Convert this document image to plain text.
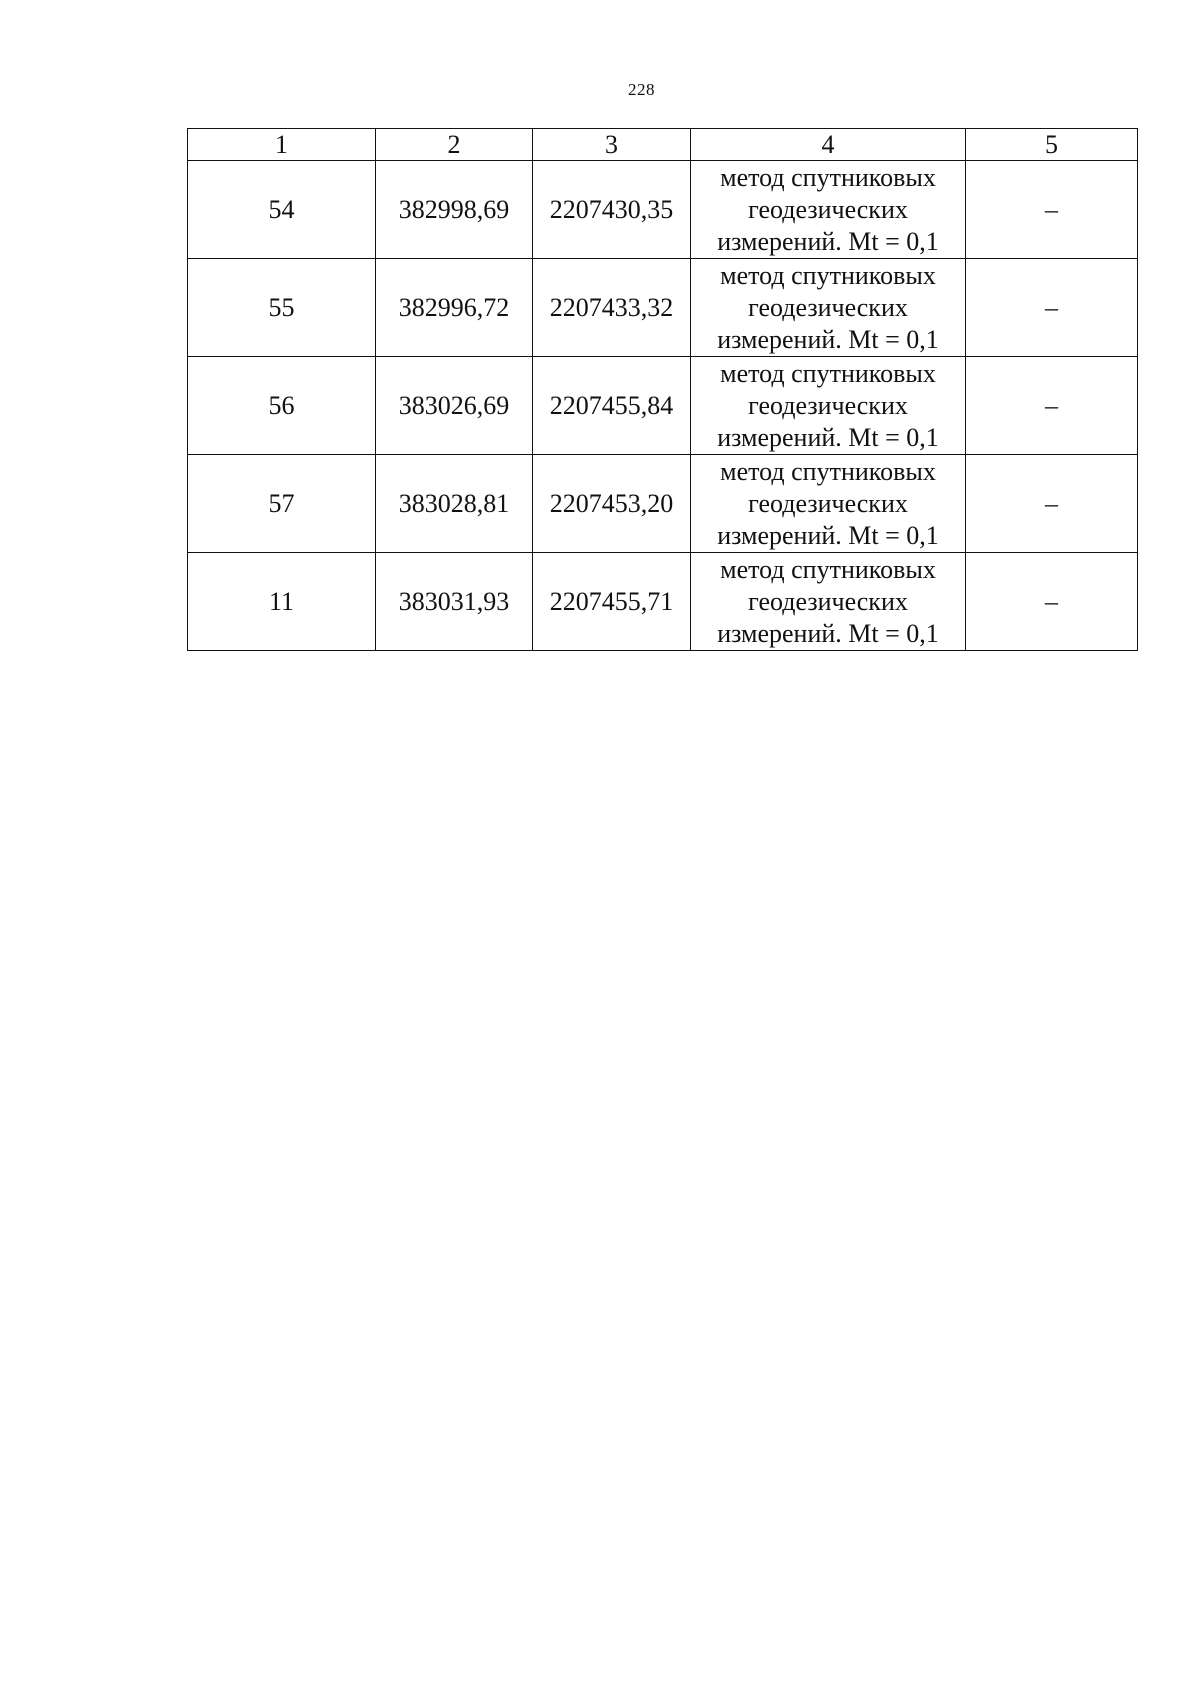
228
1	2	3	4	5
54	382998,69	2207430,35	метод спутниковых
геодезических
измерений. Mt = 0,1	–
55	382996,72	2207433,32	метод спутниковых
геодезических
измерений. Mt = 0,1	–
56	383026,69	2207455,84	метод спутниковых
геодезических
измерений. Mt = 0,1	–
57	383028,81	2207453,20	метод спутниковых
геодезических
измерений. Mt = 0,1	–
11	383031,93	2207455,71	метод спутниковых
геодезических
измерений. Mt = 0,1	–
